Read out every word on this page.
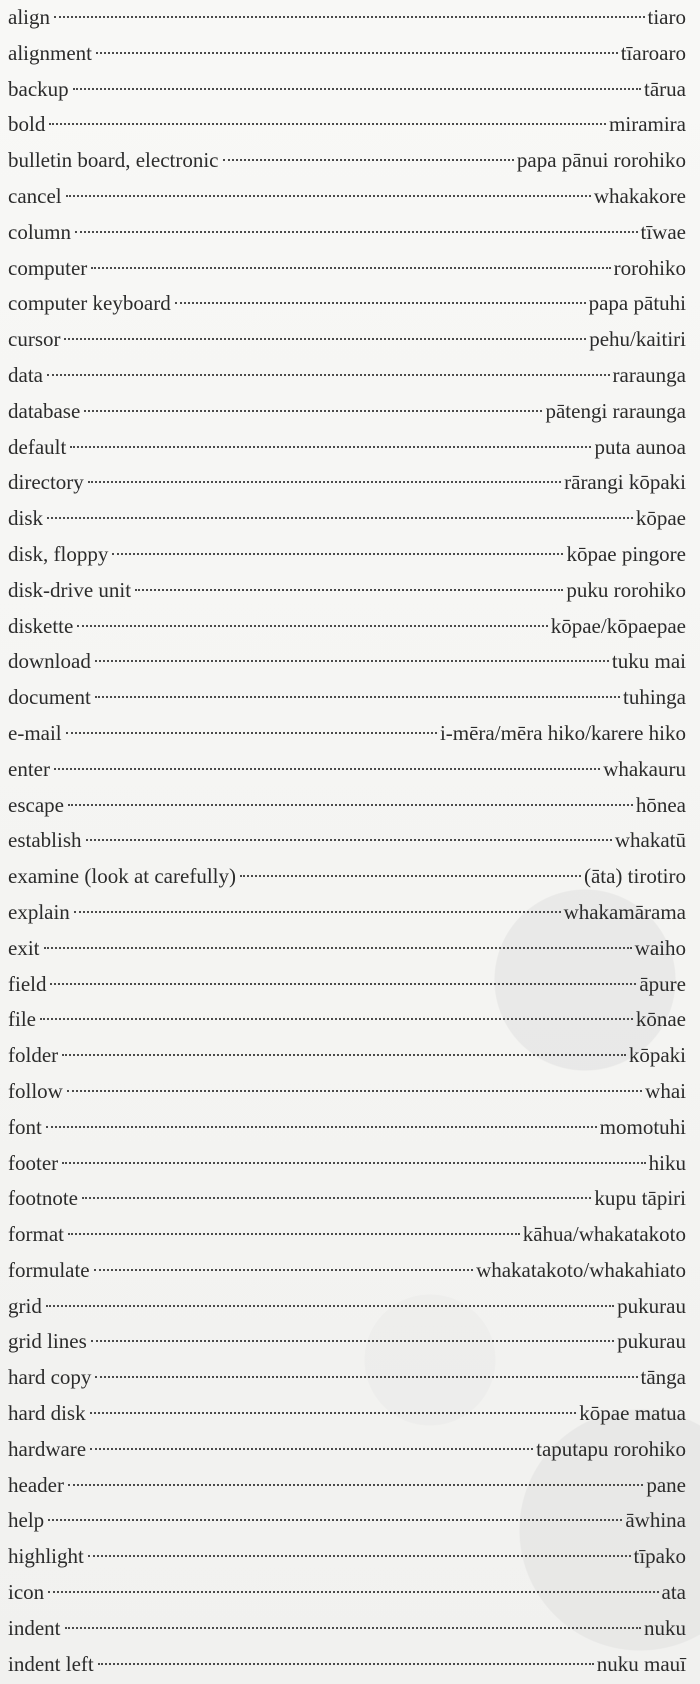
align	tiaro
alignment	tīaroaro
backup	tārua
bold	miramira
bulletin board, electronic	papa pānui rorohiko
cancel	whakakore
column	tīwae
computer	rorohiko
computer keyboard	papa pātuhi
cursor	pehu/kaitiri
data	raraunga
database	pātengi raraunga
default	puta aunoa
directory	rārangi kōpaki
disk	kōpae
disk, floppy	kōpae pingore
disk-drive unit	puku rorohiko
diskette	kōpae/kōpaepae
download	tuku mai
document	tuhinga
e-mail	i-mēra/mēra hiko/karere hiko
enter	whakauru
escape	hōnea
establish	whakatū
examine (look at carefully)	(āta) tirotiro
explain	whakamārama
exit	waiho
field	āpure
file	kōnae
folder	kōpaki
follow	whai
font	momotuhi
footer	hiku
footnote	kupu tāpiri
format	kāhua/whakatakoto
formulate	whakatakoto/whakahiato
grid	pukurau
grid lines	pukurau
hard copy	tānga
hard disk	kōpae matua
hardware	taputapu rorohiko
header	pane
help	āwhina
highlight	tīpako
icon	ata
indent	nuku
indent left	nuku mauī
